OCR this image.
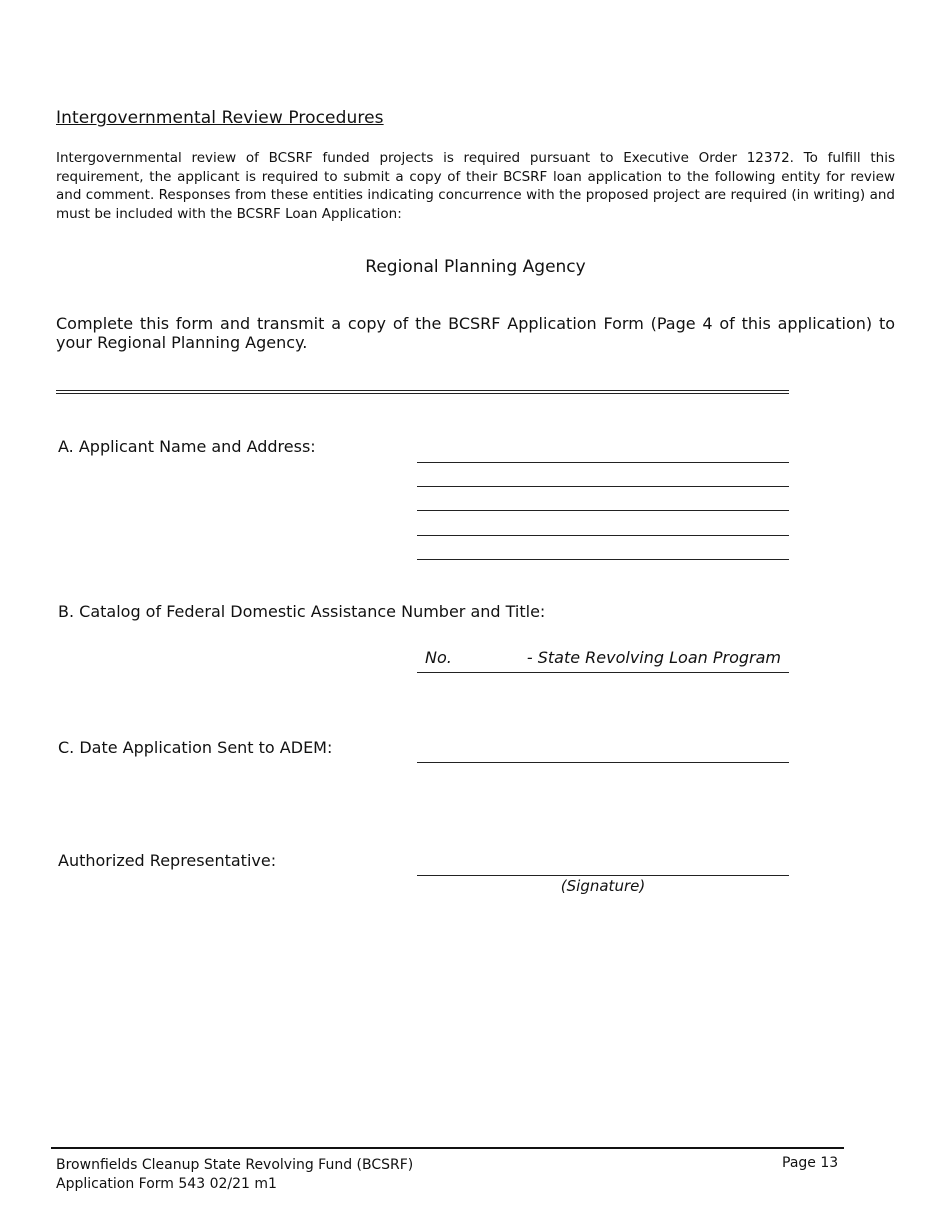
Intergovernmental Review Procedures

Intergovernmental review of BCSRF funded projects is required pursuant to Executive Order 12372. To fulfill this requirement, the applicant is required to submit a copy of their BCSRF loan application to the following entity for review and comment. Responses from these entities indicating concurrence with the proposed project are required (in writing) and must be included with the BCSRF Loan Application:

Regional Planning Agency

Complete this form and transmit a copy of the BCSRF Application Form (Page 4 of this application) to your Regional Planning Agency.

A. Applicant Name and Address:
B. Catalog of Federal Domestic Assistance Number and Title:
No.	- State Revolving Loan Program
C. Date Application Sent to ADEM:
Authorized Representative:
(Signature)
Brownfields Cleanup State Revolving Fund (BCSRF)
Application Form 543 02/21 m1
Page 13
